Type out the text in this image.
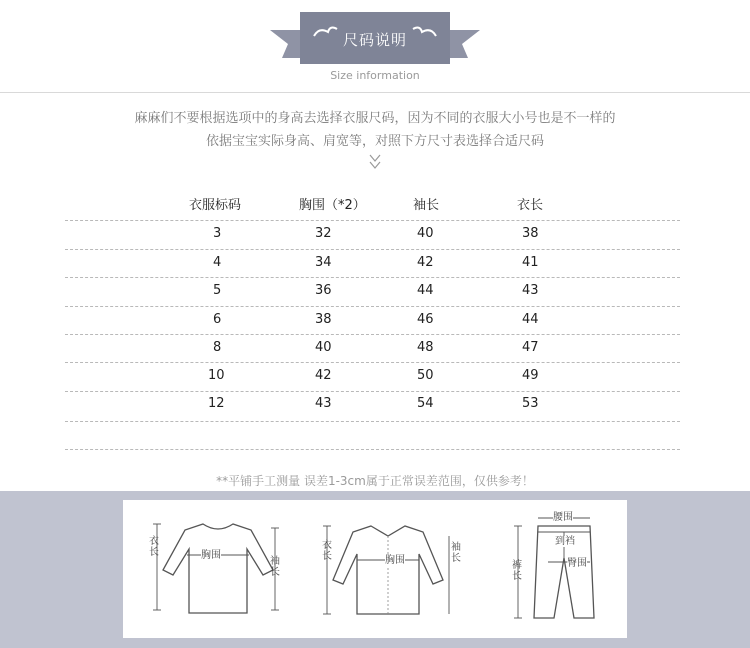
尺码说明
Size information
麻麻们不要根据选项中的身高去选择衣服尺码，因为不同的衣服大小号也是不一样的
依据宝宝实际身高、肩宽等，对照下方尺寸表选择合适尺码
衣服标码	胸围（*2）	袖长	衣长
3	32	40	38
4	34	42	41
5	36	44	43
6	38	46	44
8	40	48	47
10	42	50	49
12	43	54	53
**平铺手工测量 误差1-3cm属于正常误差范围，仅供参考！
衣长	胸围
袖长
衣长	胸围
袖长
腰围
到裆
臀围
裤长
